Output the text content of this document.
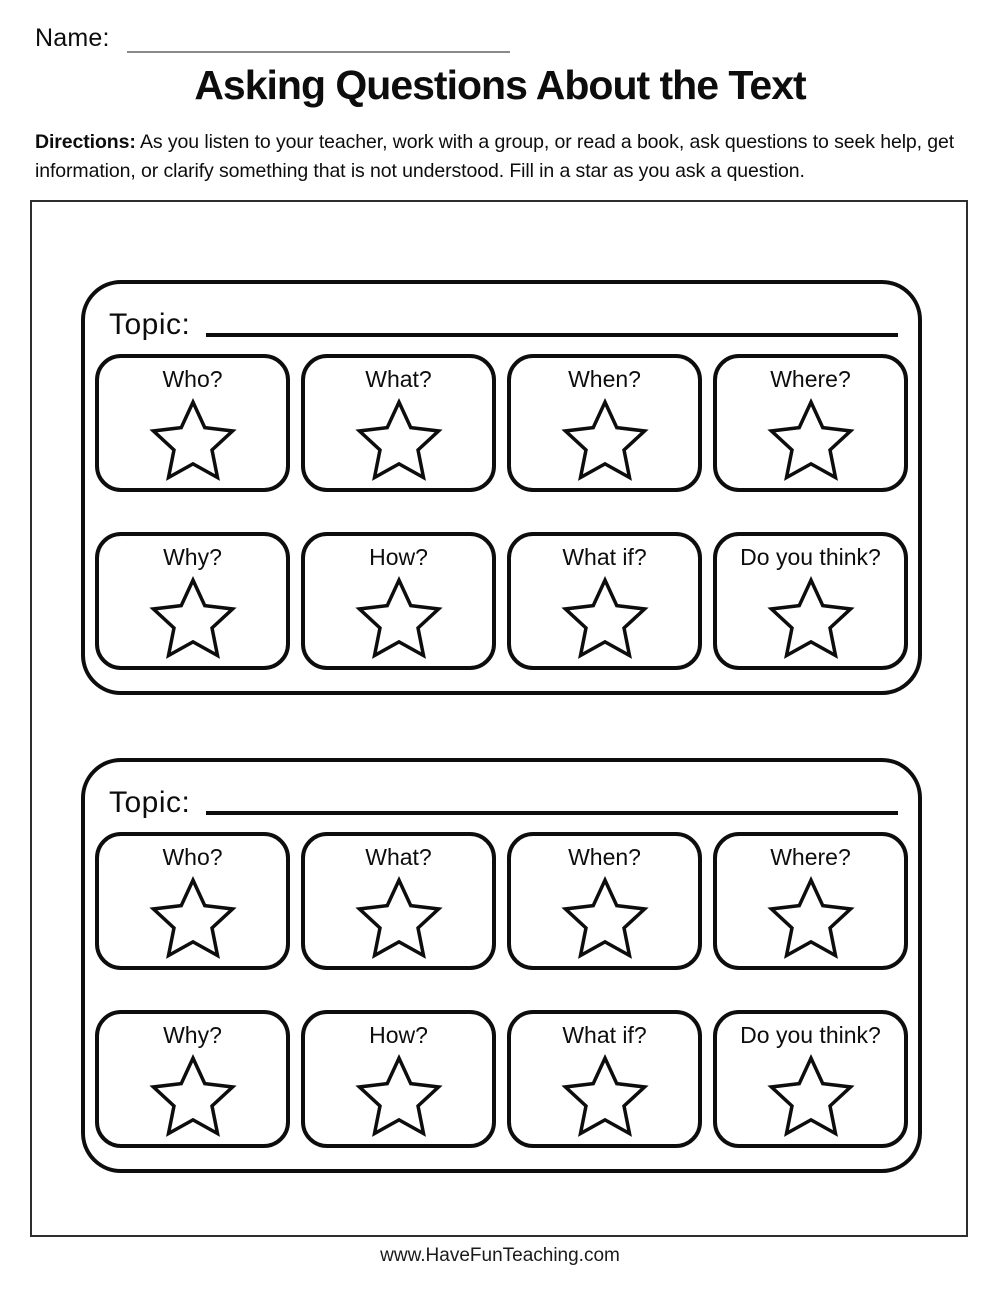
Name:
Asking Questions About the Text
Directions: As you listen to your teacher, work with a group, or read a book, ask questions to seek help, get information, or clarify something that is not understood. Fill in a star as you ask a question.
Topic:
Who?	What?	When?	Where?
Why?	How?	What if?	Do you think?
Topic:
Who?	What?	When?	Where?
Why?	How?	What if?	Do you think?
www.HaveFunTeaching.com
